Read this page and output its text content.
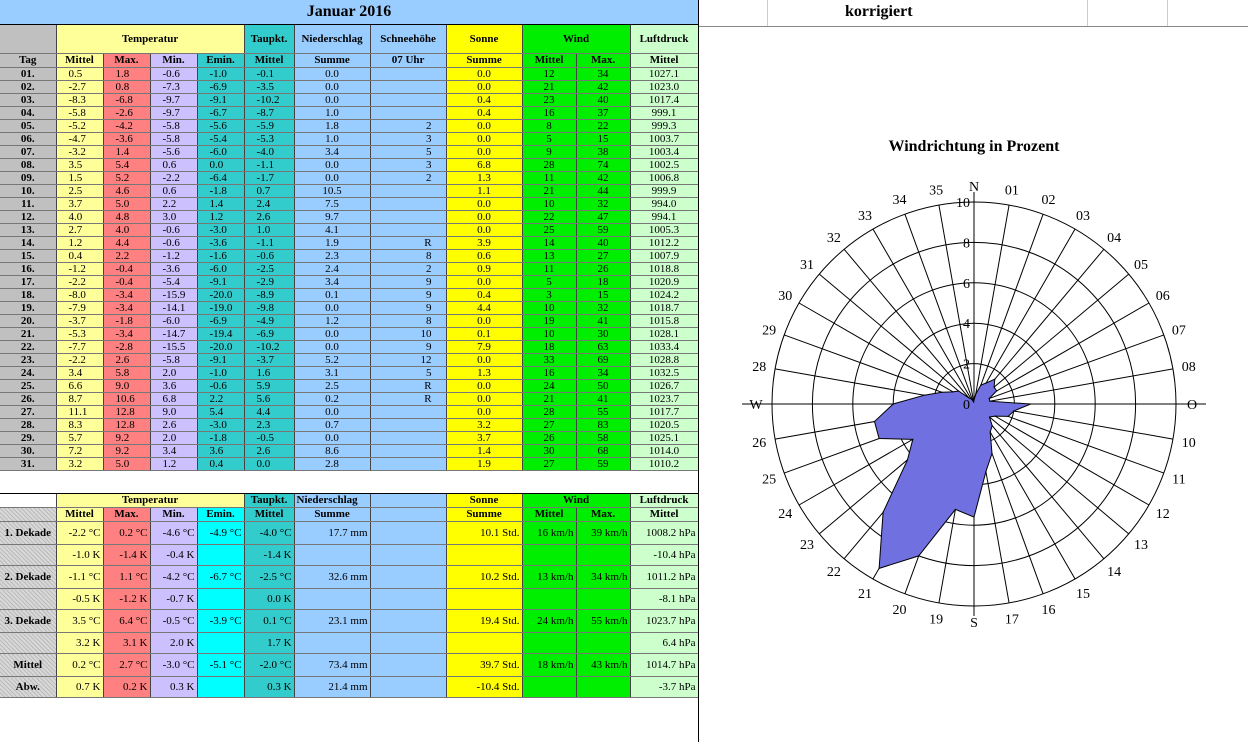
Januar 2016
	Temperatur				Taupkt.	Niederschlag	Schneehöhe	Sonne	Wind		Luftdruck
Tag	Mittel	Max.	Min.	Emin.	Mittel	Summe	07 Uhr	Summe	Mittel	Max.	Mittel
01.	0.5	1.8	-0.6	-1.0	-0.1	0.0		0.0	12	34	1027.1
02.	-2.7	0.8	-7.3	-6.9	-3.5	0.0		0.0	21	42	1023.0
03.	-8.3	-6.8	-9.7	-9.1	-10.2	0.0		0.4	23	40	1017.4
04.	-5.8	-2.6	-9.7	-6.7	-8.7	1.0		0.4	16	37	999.1
05.	-5.2	-4.2	-5.8	-5.6	-5.9	1.8	2	0.0	8	22	999.3
06.	-4.7	-3.6	-5.8	-5.4	-5.3	1.0	3	0.0	5	15	1003.7
07.	-3.2	1.4	-5.6	-6.0	-4.0	3.4	5	0.0	9	38	1003.4
08.	3.5	5.4	0.6	0.0	-1.1	0.0	3	6.8	28	74	1002.5
09.	1.5	5.2	-2.2	-6.4	-1.7	0.0	2	1.3	11	42	1006.8
10.	2.5	4.6	0.6	-1.8	0.7	10.5		1.1	21	44	999.9
11.	3.7	5.0	2.2	1.4	2.4	7.5		0.0	10	32	994.0
12.	4.0	4.8	3.0	1.2	2.6	9.7		0.0	22	47	994.1
13.	2.7	4.0	-0.6	-3.0	1.0	4.1		0.0	25	59	1005.3
14.	1.2	4.4	-0.6	-3.6	-1.1	1.9	R	3.9	14	40	1012.2
15.	0.4	2.2	-1.2	-1.6	-0.6	2.3	8	0.6	13	27	1007.9
16.	-1.2	-0.4	-3.6	-6.0	-2.5	2.4	2	0.9	11	26	1018.8
17.	-2.2	-0.4	-5.4	-9.1	-2.9	3.4	9	0.0	5	18	1020.9
18.	-8.0	-3.4	-15.9	-20.0	-8.9	0.1	9	0.4	3	15	1024.2
19.	-7.9	-3.4	-14.1	-19.0	-9.8	0.0	9	4.4	10	32	1018.7
20.	-3.7	-1.8	-6.0	-6.9	-4.9	1.2	8	0.0	19	41	1015.8
21.	-5.3	-3.4	-14.7	-19.4	-6.9	0.0	10	0.1	10	30	1028.1
22.	-7.7	-2.8	-15.5	-20.0	-10.2	0.0	9	7.9	18	63	1033.4
23.	-2.2	2.6	-5.8	-9.1	-3.7	5.2	12	0.0	33	69	1028.8
24.	3.4	5.8	2.0	-1.0	1.6	3.1	5	1.3	16	34	1032.5
25.	6.6	9.0	3.6	-0.6	5.9	2.5	R	0.0	24	50	1026.7
26.	8.7	10.6	6.8	2.2	5.6	0.2	R	0.0	21	41	1023.7
27.	11.1	12.8	9.0	5.4	4.4	0.0		0.0	28	55	1017.7
28.	8.3	12.8	2.6	-3.0	2.3	0.7		3.2	27	83	1020.5
29.	5.7	9.2	2.0	-1.8	-0.5	0.0		3.7	26	58	1025.1
30.	7.2	9.2	3.4	3.6	2.6	8.6		1.4	30	68	1014.0
31.	3.2	5.0	1.2	0.4	0.0	2.8		1.9	27	59	1010.2
	Temperatur				Taupkt.	Niederschlag		Sonne	Wind		Luftdruck
	Mittel	Max.	Min.	Emin.	Mittel	Summe		Summe	Mittel	Max.	Mittel
1. Dekade	-2.2 °C	0.2 °C	-4.6 °C	-4.9 °C	-4.0 °C	17.7 mm		10.1 Std.	16 km/h	39 km/h	1008.2 hPa
	-1.0 K	-1.4 K	-0.4 K		-1.4 K						-10.4 hPa
2. Dekade	-1.1 °C	1.1 °C	-4.2 °C	-6.7 °C	-2.5 °C	32.6 mm		10.2 Std.	13 km/h	34 km/h	1011.2 hPa
	-0.5 K	-1.2 K	-0.7 K		0.0 K						-8.1 hPa
3. Dekade	3.5 °C	6.4 °C	-0.5 °C	-3.9 °C	0.1 °C	23.1 mm		19.4 Std.	24 km/h	55 km/h	1023.7 hPa
	3.2 K	3.1 K	2.0 K		1.7 K						6.4 hPa
Mittel	0.2 °C	2.7 °C	-3.0 °C	-5.1 °C	-2.0 °C	73.4 mm		39.7 Std.	18 km/h	43 km/h	1014.7 hPa
Abw.	0.7 K	0.2 K	0.3 K		0.3 K	21.4 mm		-10.4 Std.			-3.7 hPa
korrigiert
Windrichtung in Prozent
0
2
4
6
8
10
N 01
02
03
04
05
06
07
08
O
10
11
12
13
14
15
16
17
S
19
20
21
22
23
24
25
26
W
28
29
30
31
32
33
34
35
